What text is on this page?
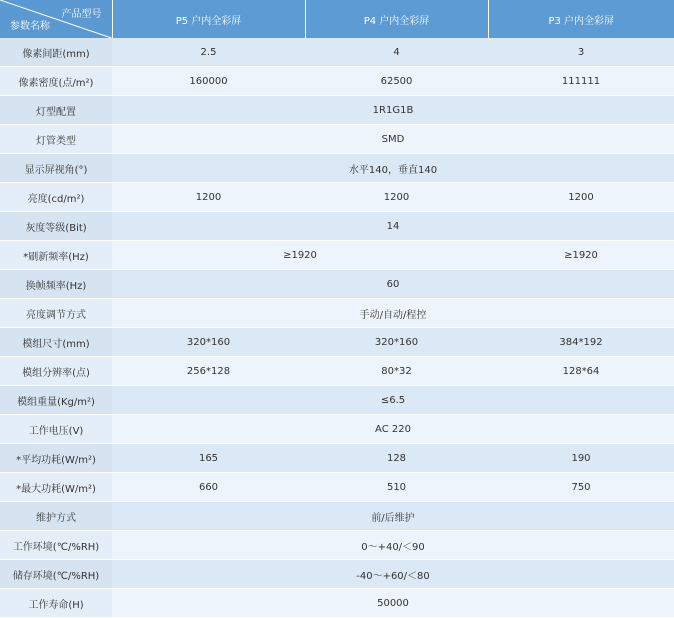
产品型号
参数名称	P5 户内全彩屏	P4 户内全彩屏	P3 户内全彩屏
像素间距(mm)	2.5	4	3
像素密度(点/m²)	160000	62500	111111
灯型配置	1R1G1B		
灯管类型	SMD		
显示屏视角(°)	水平140，垂直140		
亮度(cd/m²)	1200	1200	1200
灰度等级(Bit)	14		
*刷新频率(Hz)	≥1920		≥1920
换帧频率(Hz)	60		
亮度调节方式	手动/自动/程控		
模组尺寸(mm)	320*160	320*160	384*192
模组分辨率(点)	256*128	80*32	128*64
模组重量(Kg/m²)	≤6.5		
工作电压(V)	AC 220		
*平均功耗(W/m²)	165	128	190
*最大功耗(W/m²)	660	510	750
维护方式	前/后维护		
工作环境(℃/%RH)	0～+40/＜90		
储存环境(℃/%RH)	-40～+60/＜80		
工作寿命(H)	50000		
